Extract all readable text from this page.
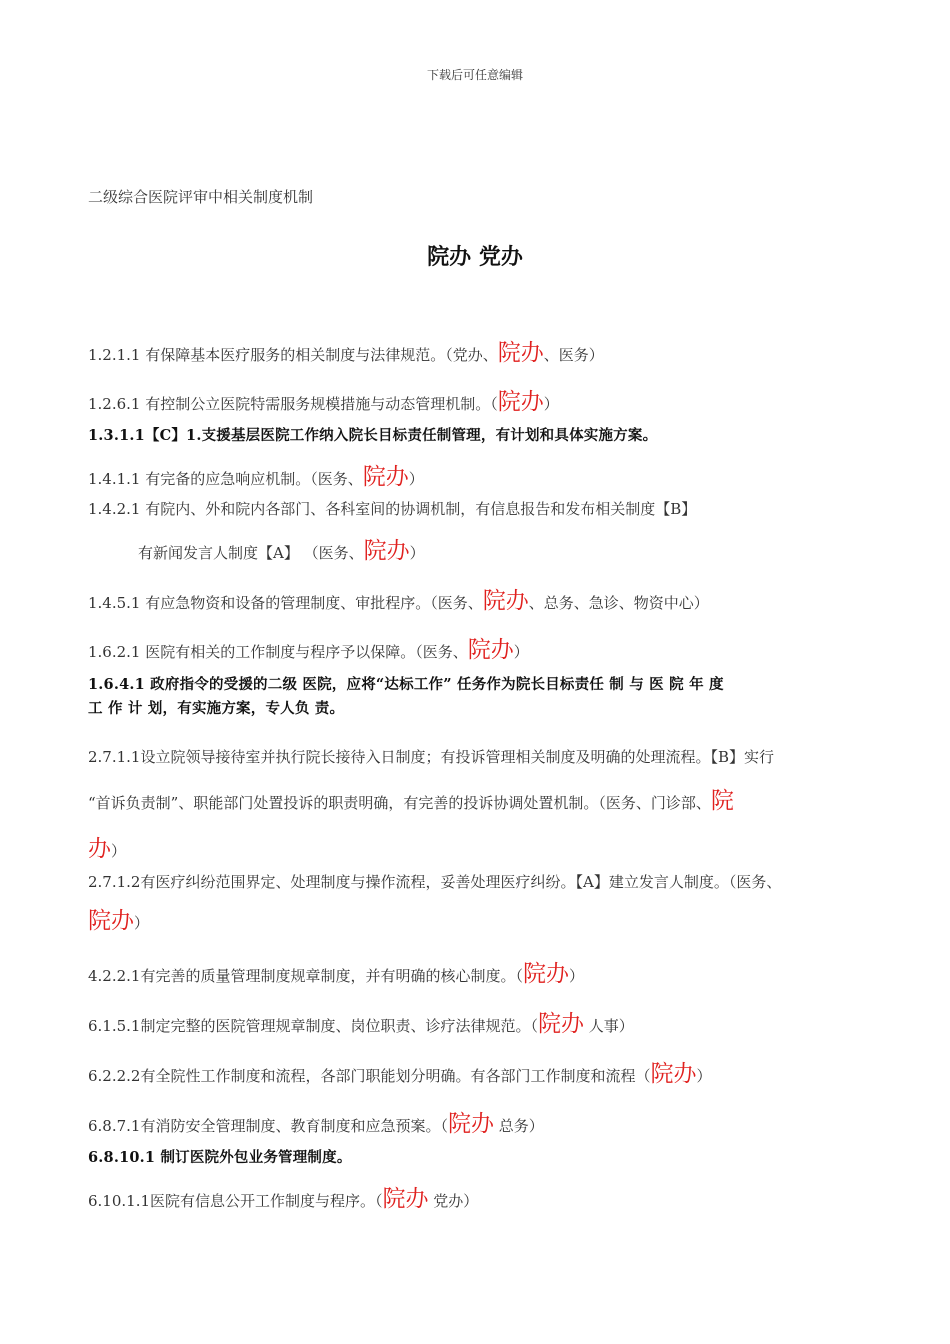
下载后可任意编辑
二级综合医院评审中相关制度机制
院办 党办
1.2.1.1 有保障基本医疗服务的相关制度与法律规范。（党办、院办、医务）
1.2.6.1 有控制公立医院特需服务规模措施与动态管理机制。（院办）
1.3.1.1【C】1.支援基层医院工作纳入院长目标责任制管理，有计划和具体实施方案。
1.4.1.1 有完备的应急响应机制。（医务、院办）
1.4.2.1 有院内、外和院内各部门、各科室间的协调机制，有信息报告和发布相关制度【B】
有新闻发言人制度【A】 （医务、院办）
1.4.5.1 有应急物资和设备的管理制度、审批程序。（医务、院办、总务、急诊、物资中心）
1.6.2.1 医院有相关的工作制度与程序予以保障。（医务、院办）
1.6.4.1 政府指令的受援的二级 医院，应将“达标工作” 任务作为院长目标责任 制 与 医 院 年 度
工 作 计 划，有实施方案，专人负 责。
2.7.1.1设立院领导接待室并执行院长接待入日制度；有投诉管理相关制度及明确的处理流程。【B】实行
“首诉负责制”、职能部门处置投诉的职责明确，有完善的投诉协调处置机制。（医务、门诊部、院
办）
2.7.1.2有医疗纠纷范围界定、处理制度与操作流程，妥善处理医疗纠纷。【A】建立发言人制度。（医务、
院办）
4.2.2.1有完善的质量管理制度规章制度，并有明确的核心制度。（院办）
6.1.5.1制定完整的医院管理规章制度、岗位职责、诊疗法律规范。（院办 人事）
6.2.2.2有全院性工作制度和流程，各部门职能划分明确。有各部门工作制度和流程（院办）
6.8.7.1有消防安全管理制度、教育制度和应急预案。（院办 总务）
6.8.10.1 制订医院外包业务管理制度。
6.10.1.1医院有信息公开工作制度与程序。（院办 党办）
